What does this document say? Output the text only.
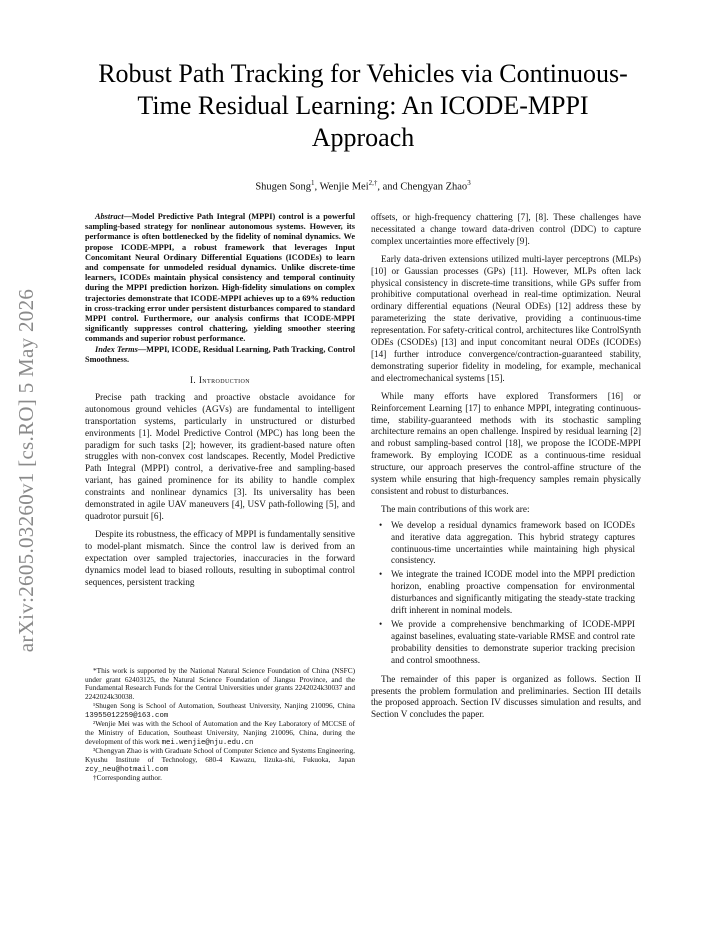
arXiv:2605.03260v1 [cs.RO] 5 May 2026
Robust Path Tracking for Vehicles via Continuous-Time Residual Learning: An ICODE-MPPI Approach
Shugen Song$^1$, Wenjie Mei$^{2,\dagger}$, and Chengyan Zhao$^3$

Abstract—Model Predictive Path Integral (MPPI) control is a powerful sampling-based strategy for nonlinear autonomous systems. However, its performance is often bottlenecked by the fidelity of nominal dynamics. We propose ICODE-MPPI, a robust framework that leverages Input Concomitant Neural Ordinary Differential Equations (ICODEs) to learn and compensate for unmodeled residual dynamics. Unlike discrete-time learners, ICODEs maintain physical consistency and temporal continuity during the MPPI prediction horizon. High-fidelity simulations on complex trajectories demonstrate that ICODE-MPPI achieves up to a 69% reduction in cross-tracking error under persistent disturbances compared to standard MPPI control. Furthermore, our analysis confirms that ICODE-MPPI significantly suppresses control chattering, yielding smoother steering commands and superior robust performance.

Index Terms—MPPI, ICODE, Residual Learning, Path Tracking, Control Smoothness.

I. Introduction

Precise path tracking and proactive obstacle avoidance for autonomous ground vehicles (AGVs) are fundamental to intelligent transportation systems, particularly in unstructured or disturbed environments [1]. Model Predictive Control (MPC) has long been the paradigm for such tasks [2]; however, its gradient-based nature often struggles with non-convex cost landscapes. Recently, Model Predictive Path Integral (MPPI) control, a derivative-free and sampling-based variant, has gained prominence for its ability to handle complex constraints and nonlinear dynamics [3]. Its universality has been demonstrated in agile UAV maneuvers [4], USV path-following [5], and quadrotor pursuit [6].

Despite its robustness, the efficacy of MPPI is fundamentally sensitive to model-plant mismatch. Since the control law is derived from an expectation over sampled trajectories, inaccuracies in the forward dynamics model lead to biased rollouts, resulting in suboptimal control sequences, persistent tracking

*This work is supported by the National Natural Science Foundation of China (NSFC) under grant 62403125, the Natural Science Foundation of Jiangsu Province, and the Fundamental Research Funds for the Central Universities under grants 2242024k30037 and 2242024k30038.

¹Shugen Song is School of Automation, Southeast University, Nanjing 210096, China 13955012259@163.com

²Wenjie Mei was with the School of Automation and the Key Laboratory of MCCSE of the Ministry of Education, Southeast University, Nanjing 210096, China, during the development of this work mei.wenjie@nju.edu.cn

³Chengyan Zhao is with Graduate School of Computer Science and Systems Engineering, Kyushu Institute of Technology, 680-4 Kawazu, Iizuka-shi, Fukuoka, Japan zcy_neu@hotmail.com

†Corresponding author.

offsets, or high-frequency chattering [7], [8]. These challenges have necessitated a change toward data-driven control (DDC) to capture complex uncertainties more effectively [9].

Early data-driven extensions utilized multi-layer perceptrons (MLPs) [10] or Gaussian processes (GPs) [11]. However, MLPs often lack physical consistency in discrete-time transitions, while GPs suffer from prohibitive computational overhead in real-time optimization. Neural ordinary differential equations (Neural ODEs) [12] address these by parameterizing the state derivative, providing a continuous-time representation. For safety-critical control, architectures like ControlSynth ODEs (CSODEs) [13] and input concomitant neural ODEs (ICODEs) [14] further introduce convergence/contraction-guaranteed stability, demonstrating superior fidelity in modeling, for example, mechanical and electromechanical systems [15].

While many efforts have explored Transformers [16] or Reinforcement Learning [17] to enhance MPPI, integrating continuous-time, stability-guaranteed methods with its stochastic sampling architecture remains an open challenge. Inspired by residual learning [2] and robust sampling-based control [18], we propose the ICODE-MPPI framework. By employing ICODE as a continuous-time residual structure, our approach preserves the control-affine structure of the system while ensuring that high-frequency samples remain physically consistent and robust to disturbances.

The main contributions of this work are:

• We develop a residual dynamics framework based on ICODEs and iterative data aggregation. This hybrid strategy captures continuous-time uncertainties while maintaining high physical consistency.
• We integrate the trained ICODE model into the MPPI prediction horizon, enabling proactive compensation for environmental disturbances and significantly mitigating the steady-state tracking drift inherent in nominal models.
• We provide a comprehensive benchmarking of ICODE-MPPI against baselines, evaluating state-variable RMSE and control rate probability densities to demonstrate superior tracking precision and control smoothness.

The remainder of this paper is organized as follows. Section II presents the problem formulation and preliminaries. Section III details the proposed approach. Section IV discusses simulation and results, and Section V concludes the paper.
